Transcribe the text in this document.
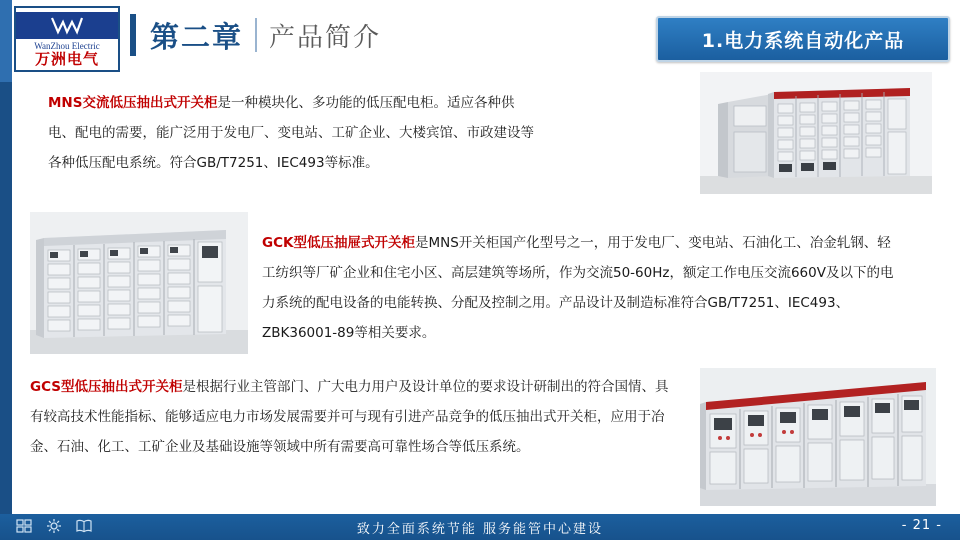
WanZhou Electric
万洲电气
第二章 产品简介	1.电力系统自动化产品
MNS交流低压抽出式开关柜是一种模块化、多功能的低压配电柜。适应各种供电、配电的需要，能广泛用于发电厂、变电站、工矿企业、大楼宾馆、市政建设等各种低压配电系统。符合GB/T7251、IEC493等标准。
GCK型低压抽屉式开关柜是MNS开关柜国产化型号之一，用于发电厂、变电站、石油化工、冶金轧钢、轻工纺织等厂矿企业和住宅小区、高层建筑等场所，作为交流50-60Hz，额定工作电压交流660V及以下的电力系统的配电设备的电能转换、分配及控制之用。产品设计及制造标准符合GB/T7251、IEC493、ZBK36001-89等相关要求。
GCS型低压抽出式开关柜是根据行业主管部门、广大电力用户及设计单位的要求设计研制出的符合国情、具有较高技术性能指标、能够适应电力市场发展需要并可与现有引进产品竞争的低压抽出式开关柜，应用于冶金、石油、化工、工矿企业及基础设施等领域中所有需要高可靠性场合等低压系统。
致力全面系统节能 服务能管中心建设	- 21 -
